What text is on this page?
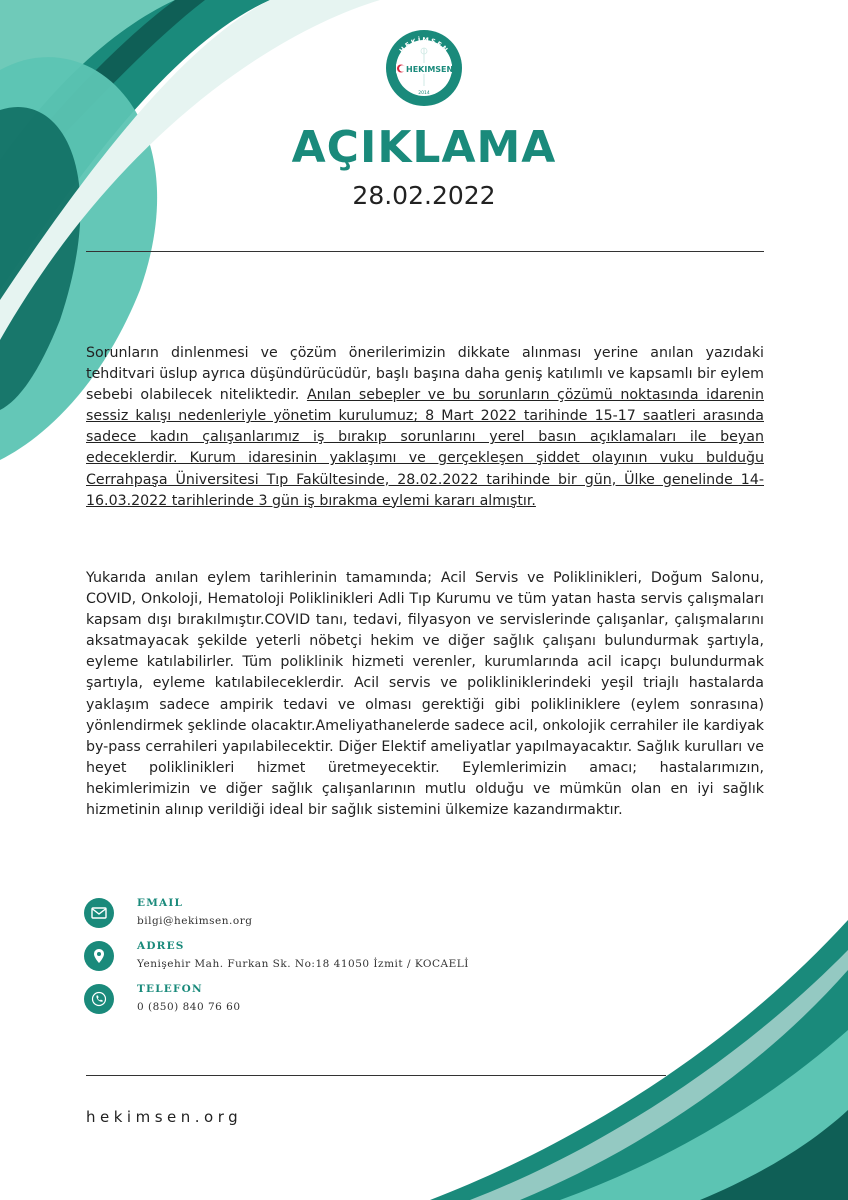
HEKİMSEN
HEKIMSEN
2014
AÇIKLAMA
28.02.2022

Sorunların dinlenmesi ve çözüm önerilerimizin dikkate alınması yerine anılan yazıdaki tehditvari üslup ayrıca düşündürücüdür, başlı başına daha geniş katılımlı ve kapsamlı bir eylem sebebi olabilecek niteliktedir. Anılan sebepler ve bu sorunların çözümü noktasında idarenin sessiz kalışı nedenleriyle yönetim kurulumuz; 8 Mart 2022 tarihinde 15-17 saatleri arasında sadece kadın çalışanlarımız iş bırakıp sorunlarını yerel basın açıklamaları ile beyan edeceklerdir. Kurum idaresinin yaklaşımı ve gerçekleşen şiddet olayının vuku bulduğu Cerrahpaşa Üniversitesi Tıp Fakültesinde, 28.02.2022 tarihinde bir gün, Ülke genelinde 14-16.03.2022 tarihlerinde 3 gün iş bırakma eylemi kararı almıştır.

Yukarıda anılan eylem tarihlerinin tamamında; Acil Servis ve Poliklinikleri, Doğum Salonu, COVID, Onkoloji, Hematoloji Poliklinikleri Adli Tıp Kurumu ve tüm yatan hasta servis çalışmaları kapsam dışı bırakılmıştır.COVID tanı, tedavi, filyasyon ve servislerinde çalışanlar, çalışmalarını aksatmayacak şekilde yeterli nöbetçi hekim ve diğer sağlık çalışanı bulundurmak şartıyla, eyleme katılabilirler. Tüm poliklinik hizmeti verenler, kurumlarında acil icapçı bulundurmak şartıyla, eyleme katılabileceklerdir. Acil servis ve polikliniklerindeki yeşil triajlı hastalarda yaklaşım sadece ampirik tedavi ve olması gerektiği gibi polikliniklere (eylem sonrasına) yönlendirmek şeklinde olacaktır.Ameliyathanelerde sadece acil, onkolojik cerrahiler ile kardiyak by-pass cerrahileri yapılabilecektir. Diğer Elektif ameliyatlar yapılmayacaktır. Sağlık kurulları ve heyet poliklinikleri hizmet üretmeyecektir. Eylemlerimizin amacı; hastalarımızın, hekimlerimizin ve diğer sağlık çalışanlarının mutlu olduğu ve mümkün olan en iyi sağlık hizmetinin alınıp verildiği ideal bir sağlık sistemini ülkemize kazandırmaktır.

EMAIL
bilgi@hekimsen.org
ADRES
Yenişehir Mah. Furkan Sk. No:18 41050 İzmit / KOCAELİ
TELEFON
0 (850) 840 76 60
hekimsen.org
